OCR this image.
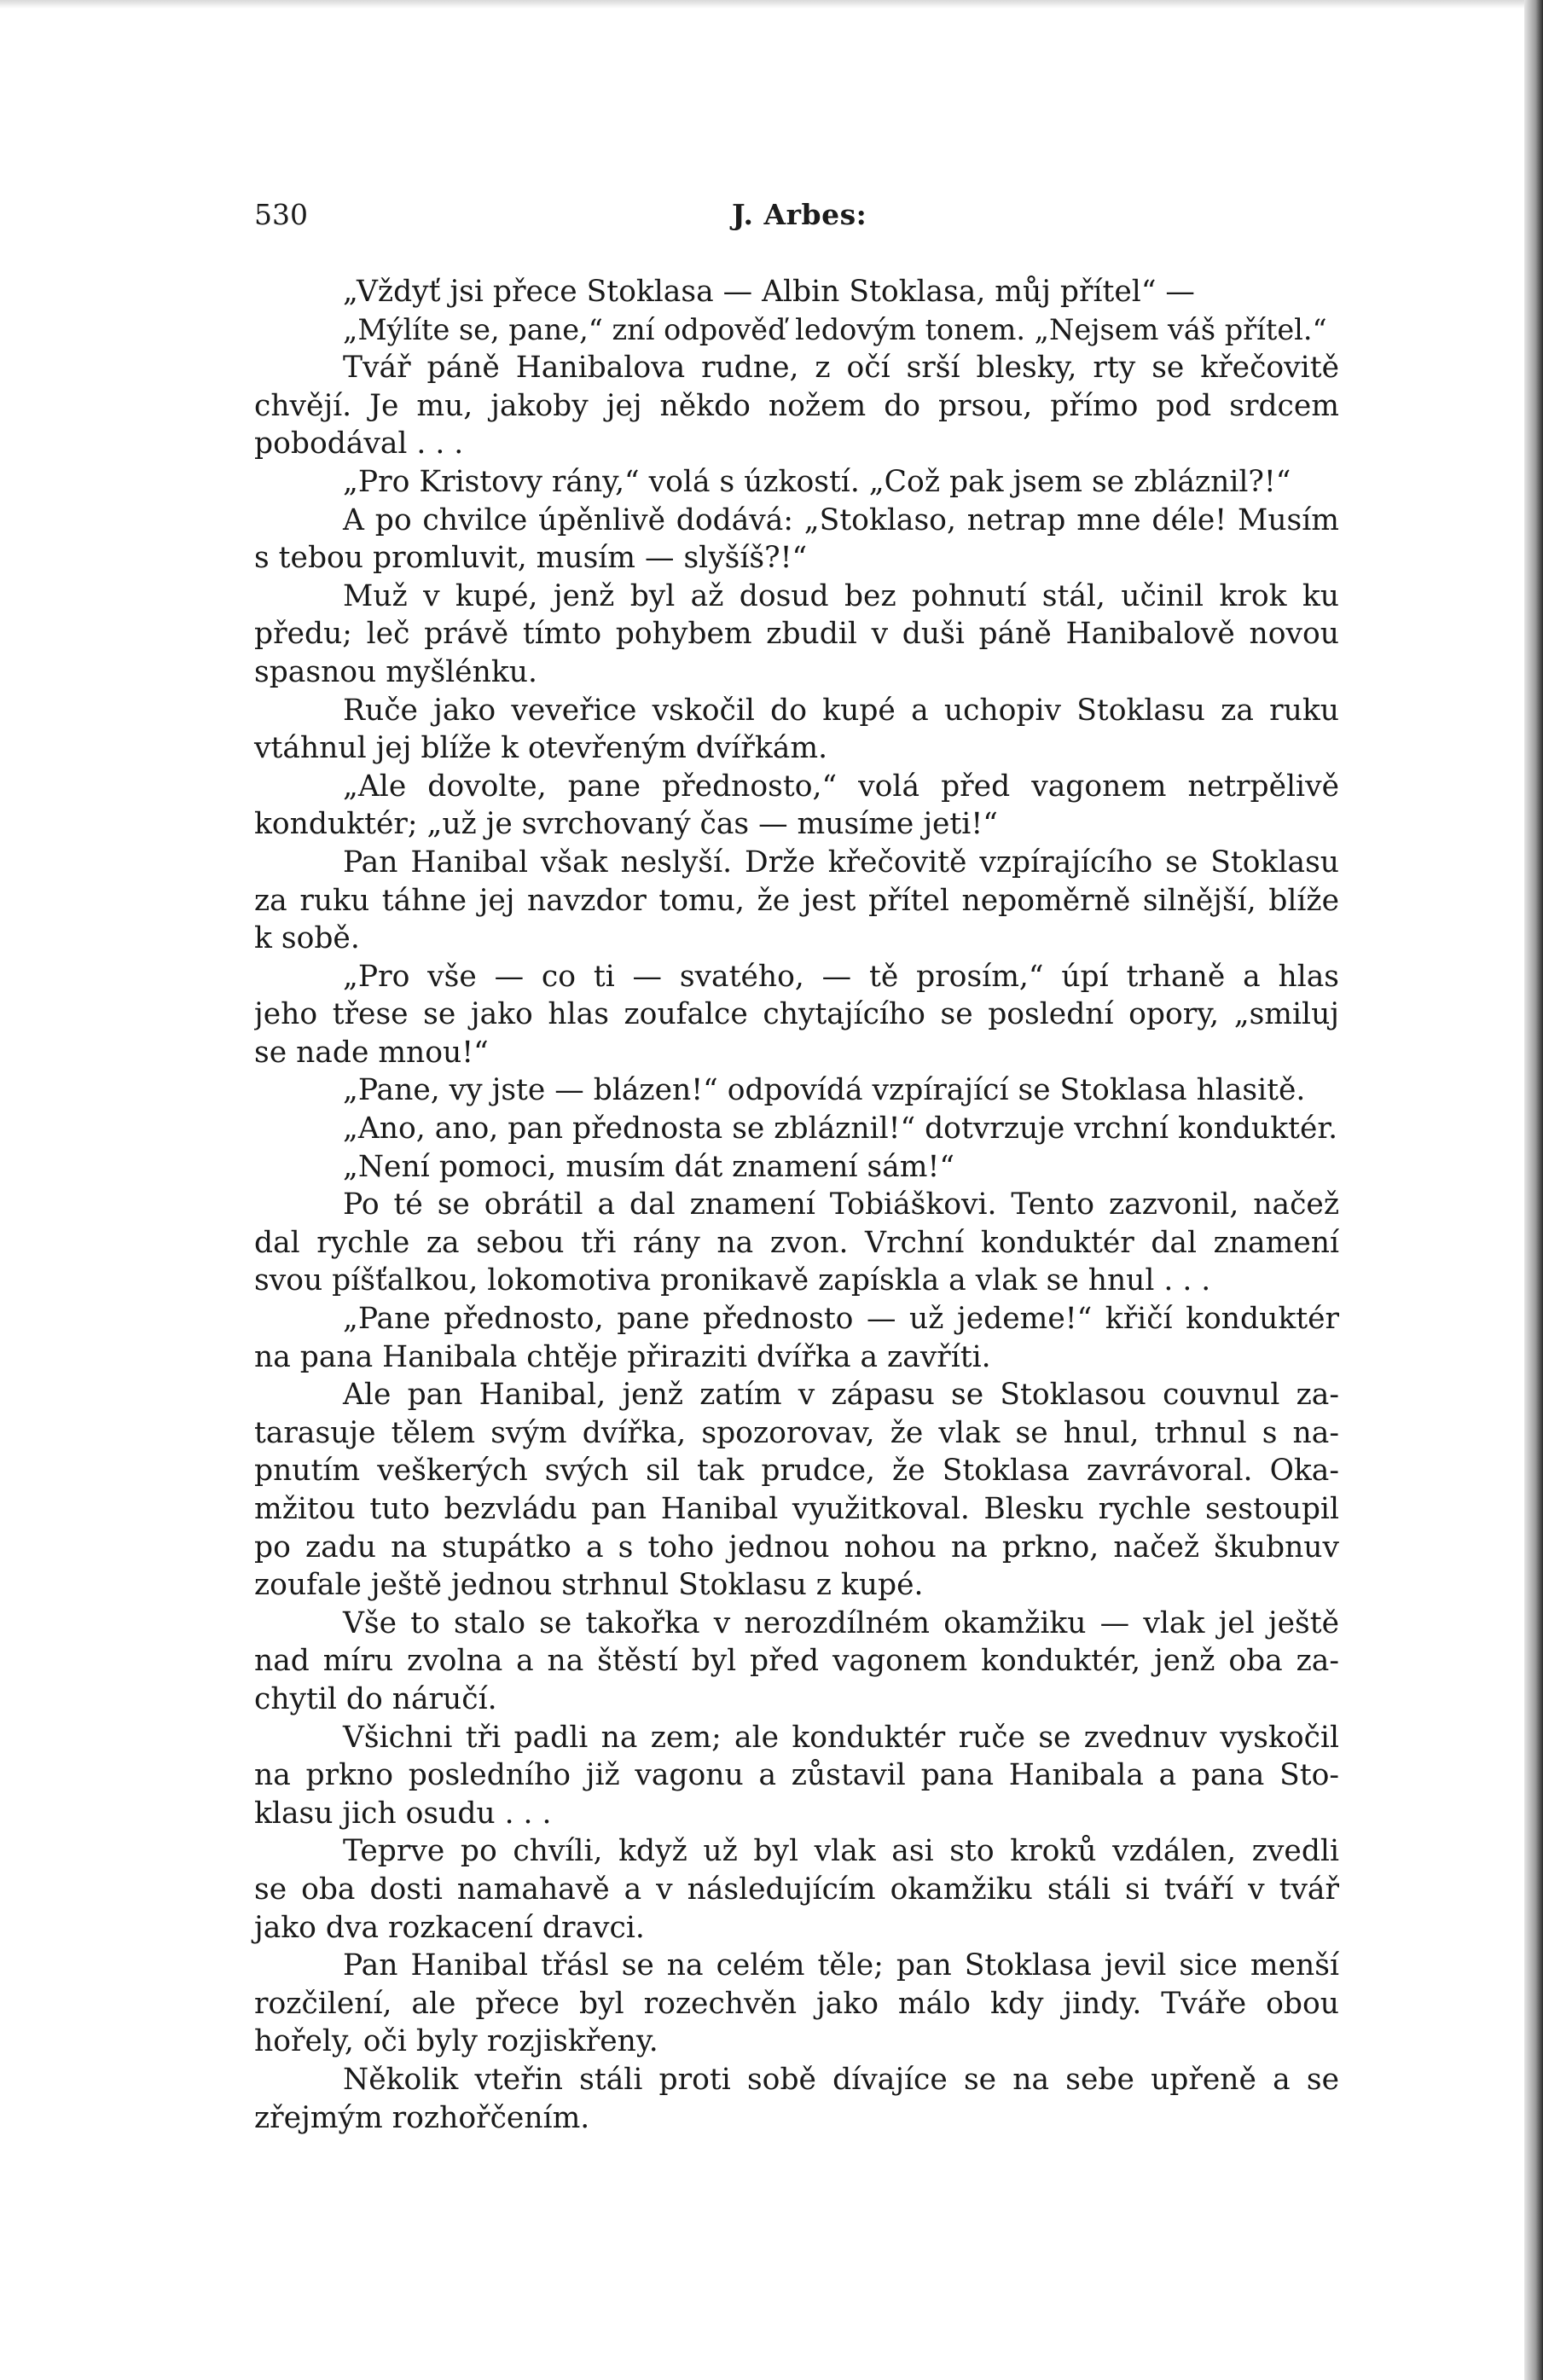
530	J. Arbes:
„Vždyť jsi přece Stoklasa — Albin Stoklasa, můj přítel“ —
„Mýlíte se, pane,“ zní odpověď ledovým tonem. „Nejsem váš přítel.“
Tvář páně Hanibalova rudne, z očí srší blesky, rty se křečovitě
chvějí. Je mu, jakoby jej někdo nožem do prsou, přímo pod srdcem
pobodával . . .
„Pro Kristovy rány,“ volá s úzkostí. „Což pak jsem se zbláznil?!“
A po chvilce úpěnlivě dodává: „Stoklaso, netrap mne déle! Musím
s tebou promluvit, musím — slyšíš?!“
Muž v kupé, jenž byl až dosud bez pohnutí stál, učinil krok ku
předu; leč právě tímto pohybem zbudil v duši páně Hanibalově novou
spasnou myšlénku.
Ruče jako veveřice vskočil do kupé a uchopiv Stoklasu za ruku
vtáhnul jej blíže k otevřeným dvířkám.
„Ale dovolte, pane přednosto,“ volá před vagonem netrpělivě
konduktér; „už je svrchovaný čas — musíme jeti!“
Pan Hanibal však neslyší. Drže křečovitě vzpírajícího se Stoklasu
za ruku táhne jej navzdor tomu, že jest přítel nepoměrně silnější, blíže
k sobě.
„Pro vše — co ti — svatého, — tě prosím,“ úpí trhaně a hlas
jeho třese se jako hlas zoufalce chytajícího se poslední opory, „smiluj
se nade mnou!“
„Pane, vy jste — blázen!“ odpovídá vzpírající se Stoklasa hlasitě.
„Ano, ano, pan přednosta se zbláznil!“ dotvrzuje vrchní konduktér.
„Není pomoci, musím dát znamení sám!“
Po té se obrátil a dal znamení Tobiáškovi. Tento zazvonil, načež
dal rychle za sebou tři rány na zvon. Vrchní konduktér dal znamení
svou píšťalkou, lokomotiva pronikavě zapískla a vlak se hnul . . .
„Pane přednosto, pane přednosto — už jedeme!“ křičí konduktér
na pana Hanibala chtěje přiraziti dvířka a zavříti.
Ale pan Hanibal, jenž zatím v zápasu se Stoklasou couvnul za-
tarasuje tělem svým dvířka, spozorovav, že vlak se hnul, trhnul s na-
pnutím veškerých svých sil tak prudce, že Stoklasa zavrávoral. Oka-
mžitou tuto bezvládu pan Hanibal využitkoval. Blesku rychle sestoupil
po zadu na stupátko a s toho jednou nohou na prkno, načež škubnuv
zoufale ještě jednou strhnul Stoklasu z kupé.
Vše to stalo se takořka v nerozdílném okamžiku — vlak jel ještě
nad míru zvolna a na štěstí byl před vagonem konduktér, jenž oba za-
chytil do náručí.
Všichni tři padli na zem; ale konduktér ruče se zvednuv vyskočil
na prkno posledního již vagonu a zůstavil pana Hanibala a pana Sto-
klasu jich osudu . . .
Teprve po chvíli, když už byl vlak asi sto kroků vzdálen, zvedli
se oba dosti namahavě a v následujícím okamžiku stáli si tváří v tvář
jako dva rozkacení dravci.
Pan Hanibal třásl se na celém těle; pan Stoklasa jevil sice menší
rozčilení, ale přece byl rozechvěn jako málo kdy jindy. Tváře obou
hořely, oči byly rozjiskřeny.
Několik vteřin stáli proti sobě dívajíce se na sebe upřeně a se
zřejmým rozhořčením.
